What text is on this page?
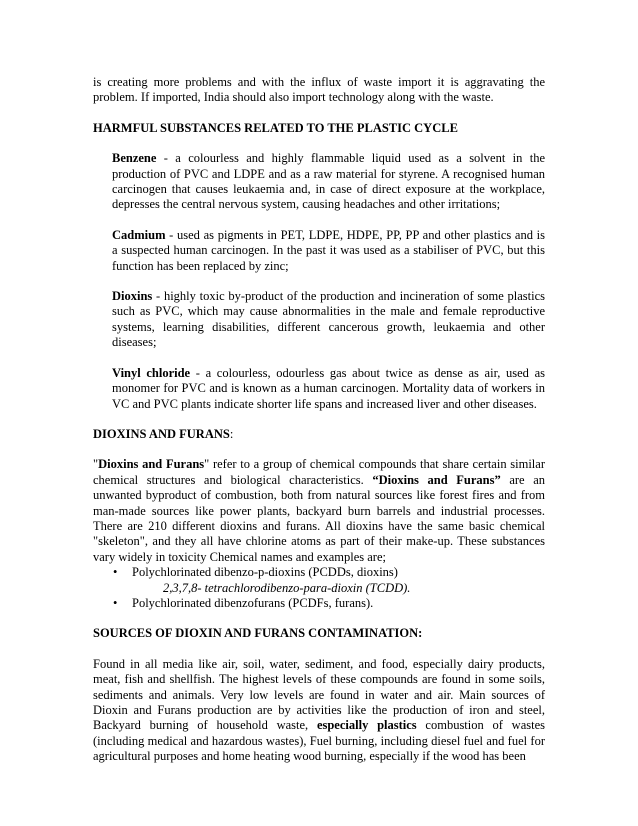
is creating more problems and with the influx of waste import it is aggravating the problem. If imported, India should also import technology along with the waste.

HARMFUL SUBSTANCES RELATED TO THE PLASTIC CYCLE

Benzene - a colourless and highly flammable liquid used as a solvent in the production of PVC and LDPE and as a raw material for styrene. A recognised human carcinogen that causes leukaemia and, in case of direct exposure at the workplace, depresses the central nervous system, causing headaches and other irritations;

Cadmium - used as pigments in PET, LDPE, HDPE, PP, PP and other plastics and is a suspected human carcinogen. In the past it was used as a stabiliser of PVC, but this function has been replaced by zinc;

Dioxins - highly toxic by-product of the production and incineration of some plastics such as PVC, which may cause abnormalities in the male and female reproductive systems, learning disabilities, different cancerous growth, leukaemia and other diseases;

Vinyl chloride - a colourless, odourless gas about twice as dense as air, used as monomer for PVC and is known as a human carcinogen. Mortality data of workers in VC and PVC plants indicate shorter life spans and increased liver and other diseases.

DIOXINS AND FURANS:

"Dioxins and Furans" refer to a group of chemical compounds that share certain similar chemical structures and biological characteristics. “Dioxins and Furans” are an unwanted byproduct of combustion, both from natural sources like forest fires and from man-made sources like power plants, backyard burn barrels and industrial processes. There are 210 different dioxins and furans. All dioxins have the same basic chemical "skeleton", and they all have chlorine atoms as part of their make-up. These substances vary widely in toxicity Chemical names and examples are;

• Polychlorinated dibenzo-p-dioxins (PCDDs, dioxins)
2,3,7,8- tetrachlorodibenzo-para-dioxin (TCDD).
• Polychlorinated dibenzofurans (PCDFs, furans).

SOURCES OF DIOXIN AND FURANS CONTAMINATION:

Found in all media like air, soil, water, sediment, and food, especially dairy products, meat, fish and shellfish. The highest levels of these compounds are found in some soils, sediments and animals. Very low levels are found in water and air. Main sources of Dioxin and Furans production are by activities like the production of iron and steel, Backyard burning of household waste, especially plastics combustion of wastes (including medical and hazardous wastes), Fuel burning, including diesel fuel and fuel for agricultural purposes and home heating wood burning, especially if the wood has been
